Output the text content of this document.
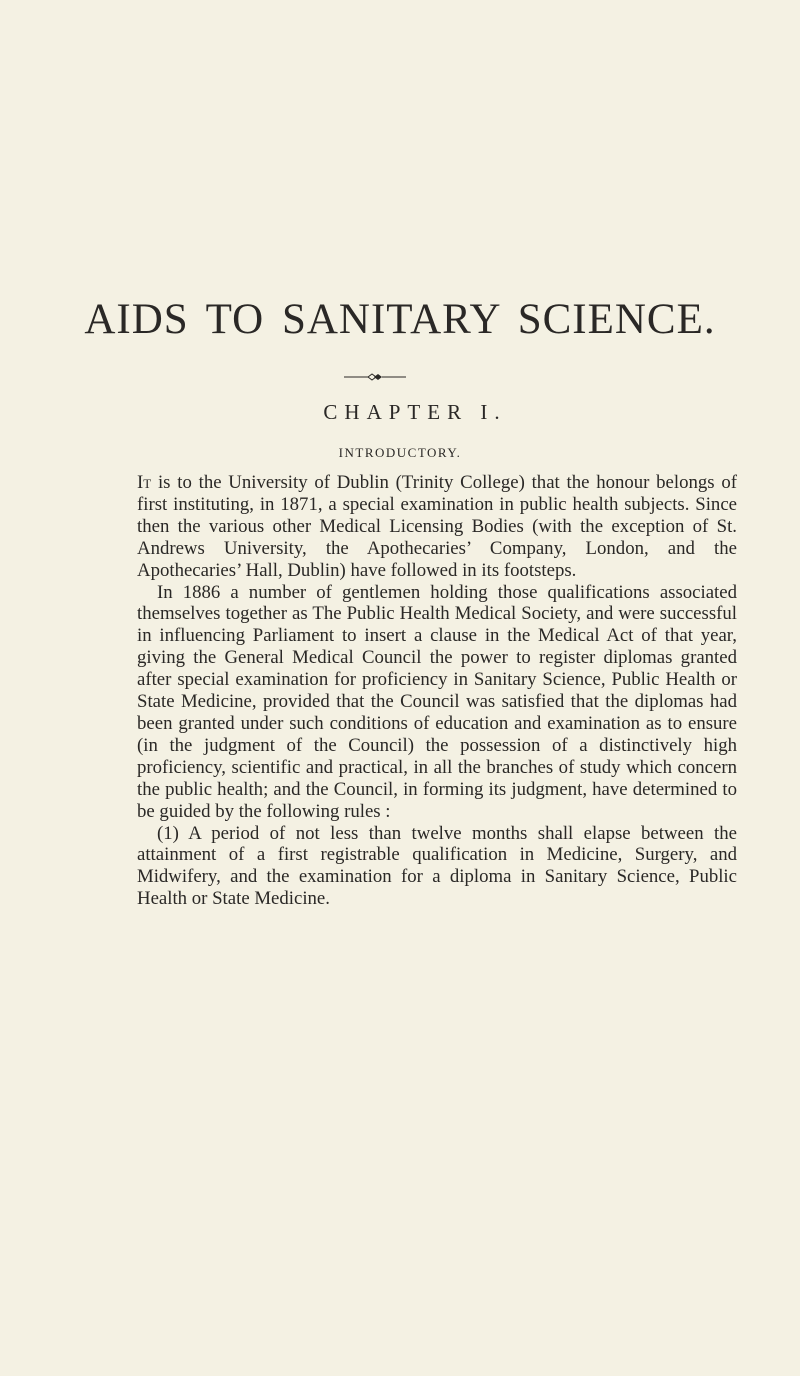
AIDS TO SANITARY SCIENCE.
CHAPTER I.
INTRODUCTORY.

It is to the University of Dublin (Trinity College) that the honour belongs of first instituting, in 1871, a special examination in public health subjects. Since then the various other Medical Licensing Bodies (with the exception of St. Andrews University, the Apothecaries’ Company, London, and the Apothecaries’ Hall, Dublin) have followed in its footsteps.

In 1886 a number of gentlemen holding those qualifications associated themselves together as The Public Health Medical Society, and were successful in influencing Parliament to insert a clause in the Medical Act of that year, giving the General Medical Council the power to register diplomas granted after special examination for proficiency in Sanitary Science, Public Health or State Medicine, provided that the Council was satisfied that the diplomas had been granted under such conditions of education and examination as to ensure (in the judgment of the Council) the possession of a distinctively high proficiency, scientific and practical, in all the branches of study which concern the public health; and the Council, in forming its judgment, have determined to be guided by the following rules :

(1) A period of not less than twelve months shall elapse between the attainment of a first registrable qualification in Medicine, Surgery, and Midwifery, and the examination for a diploma in Sanitary Science, Public Health or State Medicine.
